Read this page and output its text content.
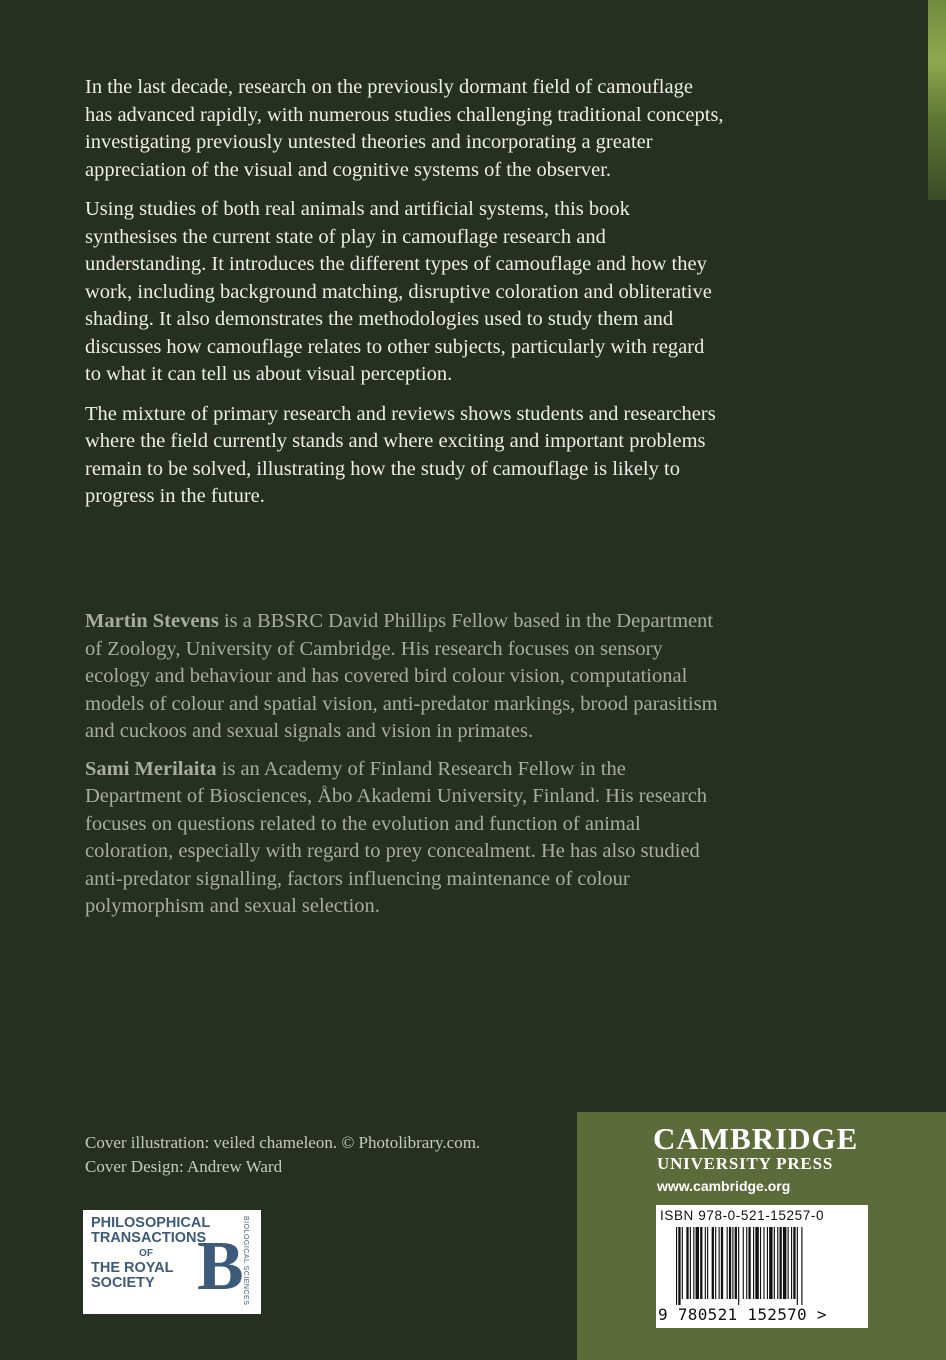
In the last decade, research on the previously dormant field of camouflage has advanced rapidly, with numerous studies challenging traditional concepts, investigating previously untested theories and incorporating a greater appreciation of the visual and cognitive systems of the observer.

Using studies of both real animals and artificial systems, this book synthesises the current state of play in camouflage research and understanding. It introduces the different types of camouflage and how they work, including background matching, disruptive coloration and obliterative shading. It also demonstrates the methodologies used to study them and discusses how camouflage relates to other subjects, particularly with regard to what it can tell us about visual perception.

The mixture of primary research and reviews shows students and researchers where the field currently stands and where exciting and important problems remain to be solved, illustrating how the study of camouflage is likely to progress in the future.

Martin Stevens is a BBSRC David Phillips Fellow based in the Department of Zoology, University of Cambridge. His research focuses on sensory ecology and behaviour and has covered bird colour vision, computational models of colour and spatial vision, anti-predator markings, brood parasitism and cuckoos and sexual signals and vision in primates.

Sami Merilaita is an Academy of Finland Research Fellow in the Department of Biosciences, Åbo Akademi University, Finland. His research focuses on questions related to the evolution and function of animal coloration, especially with regard to prey concealment. He has also studied anti-predator signalling, factors influencing maintenance of colour polymorphism and sexual selection.

Cover illustration: veiled chameleon. © Photolibrary.com.
Cover Design: Andrew Ward
PHILOSOPHICAL
TRANSACTIONS
OF
THE ROYAL
SOCIETY B
BIOLOGICAL SCIENCES
CAMBRIDGE
UNIVERSITY PRESS
www.cambridge.org
ISBN 978-0-521-15257-0
9 780521 152570 >
